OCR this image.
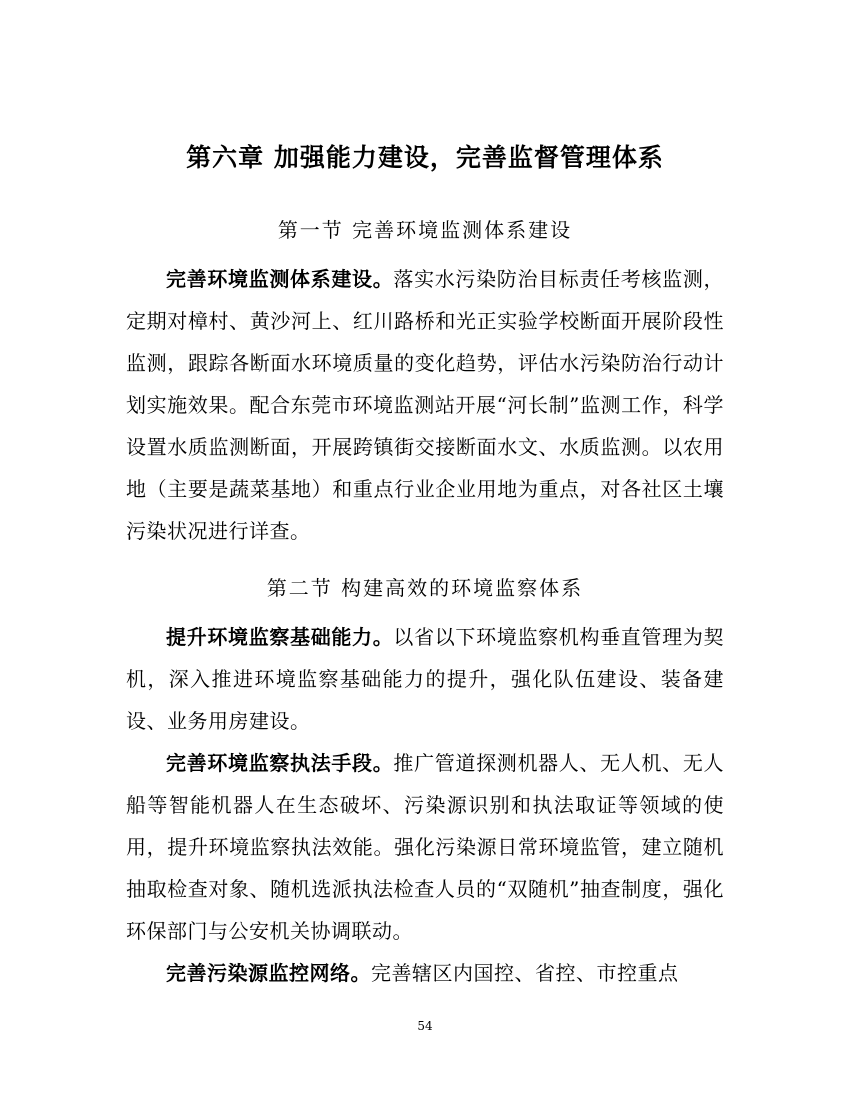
第六章 加强能力建设，完善监督管理体系
第一节 完善环境监测体系建设

完善环境监测体系建设。落实水污染防治目标责任考核监测，定期对樟村、黄沙河上、红川路桥和光正实验学校断面开展阶段性监测，跟踪各断面水环境质量的变化趋势，评估水污染防治行动计划实施效果。配合东莞市环境监测站开展“河长制”监测工作，科学设置水质监测断面，开展跨镇街交接断面水文、水质监测。以农用地（主要是蔬菜基地）和重点行业企业用地为重点，对各社区土壤污染状况进行详查。

第二节 构建高效的环境监察体系

提升环境监察基础能力。以省以下环境监察机构垂直管理为契机，深入推进环境监察基础能力的提升，强化队伍建设、装备建设、业务用房建设。

完善环境监察执法手段。推广管道探测机器人、无人机、无人船等智能机器人在生态破坏、污染源识别和执法取证等领域的使用，提升环境监察执法效能。强化污染源日常环境监管，建立随机抽取检查对象、随机选派执法检查人员的“双随机”抽查制度，强化环保部门与公安机关协调联动。

完善污染源监控网络。完善辖区内国控、省控、市控重点

54
